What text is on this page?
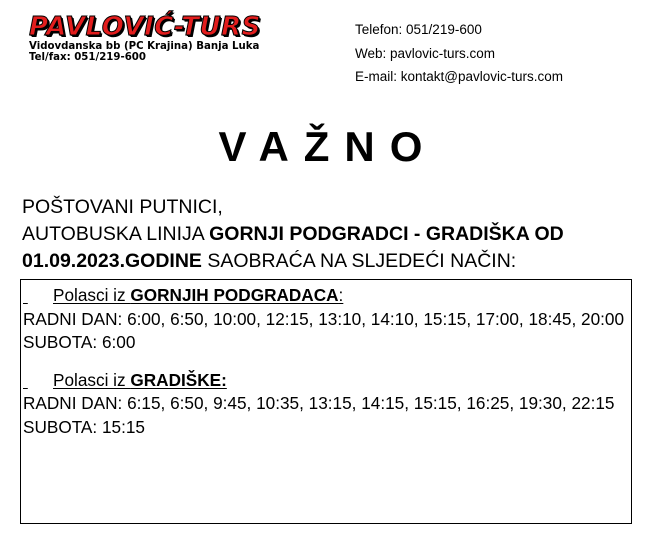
PAVLOVIĆ-TURS
Vidovdanska bb (PC Krajina) Banja Luka
Tel/fax: 051/219-600
Telefon: 051/219-600
Web: pavlovic-turs.com
E-mail: kontakt@pavlovic-turs.com
VAŽNO
POŠTOVANI PUTNICI,
AUTOBUSKA LINIJA GORNJI PODGRADCI - GRADIŠKA OD
01.09.2023.GODINE SAOBRAĆA NA SLJEDEĆI NAČIN:
Polasci iz GORNJIH PODGRADACA:
RADNI DAN: 6:00, 6:50, 10:00, 12:15, 13:10, 14:10, 15:15, 17:00, 18:45, 20:00
SUBOTA: 6:00
Polasci iz GRADIŠKE:
RADNI DAN: 6:15, 6:50, 9:45, 10:35, 13:15, 14:15, 15:15, 16:25, 19:30, 22:15
SUBOTA: 15:15
